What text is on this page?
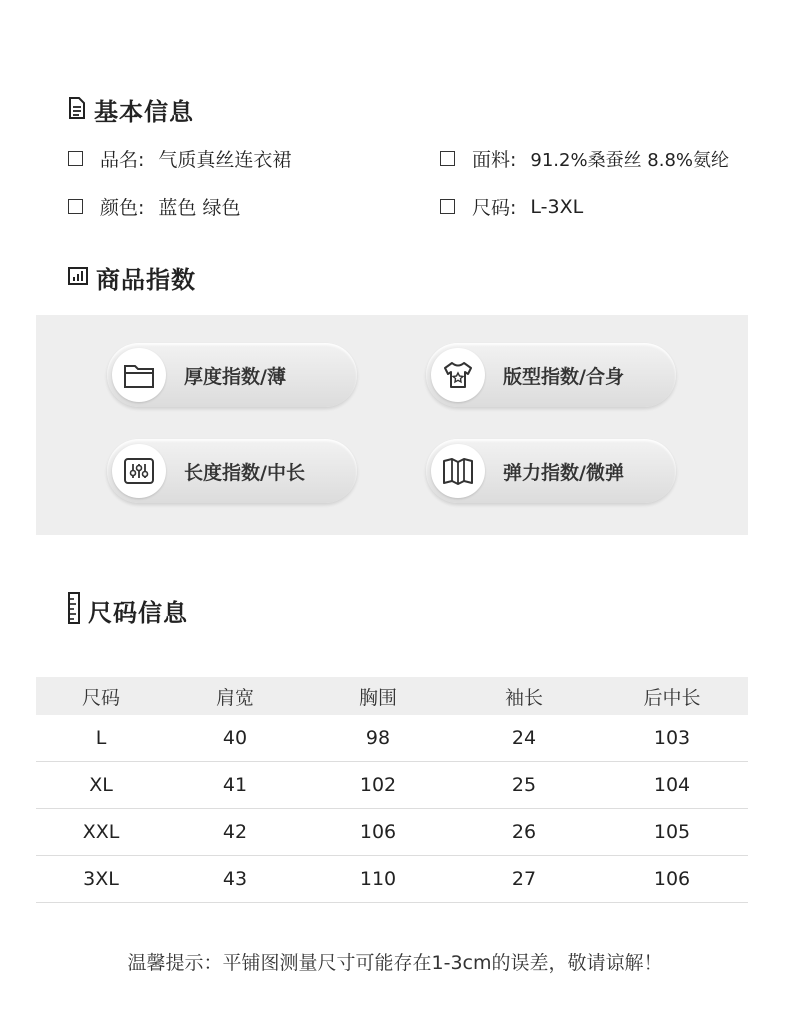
基本信息
品名: 气质真丝连衣裙	面料: 91.2%桑蚕丝 8.8%氨纶
颜色: 蓝色 绿色	尺码: L-3XL
商品指数
厚度指数/薄	版型指数/合身
长度指数/中长	弹力指数/微弹
尺码信息
尺码	肩宽	胸围	袖长	后中长
L	40	98	24	103
XL	41	102	25	104
XXL	42	106	26	105
3XL	43	110	27	106
温馨提示：平铺图测量尺寸可能存在1-3cm的误差，敬请谅解！
